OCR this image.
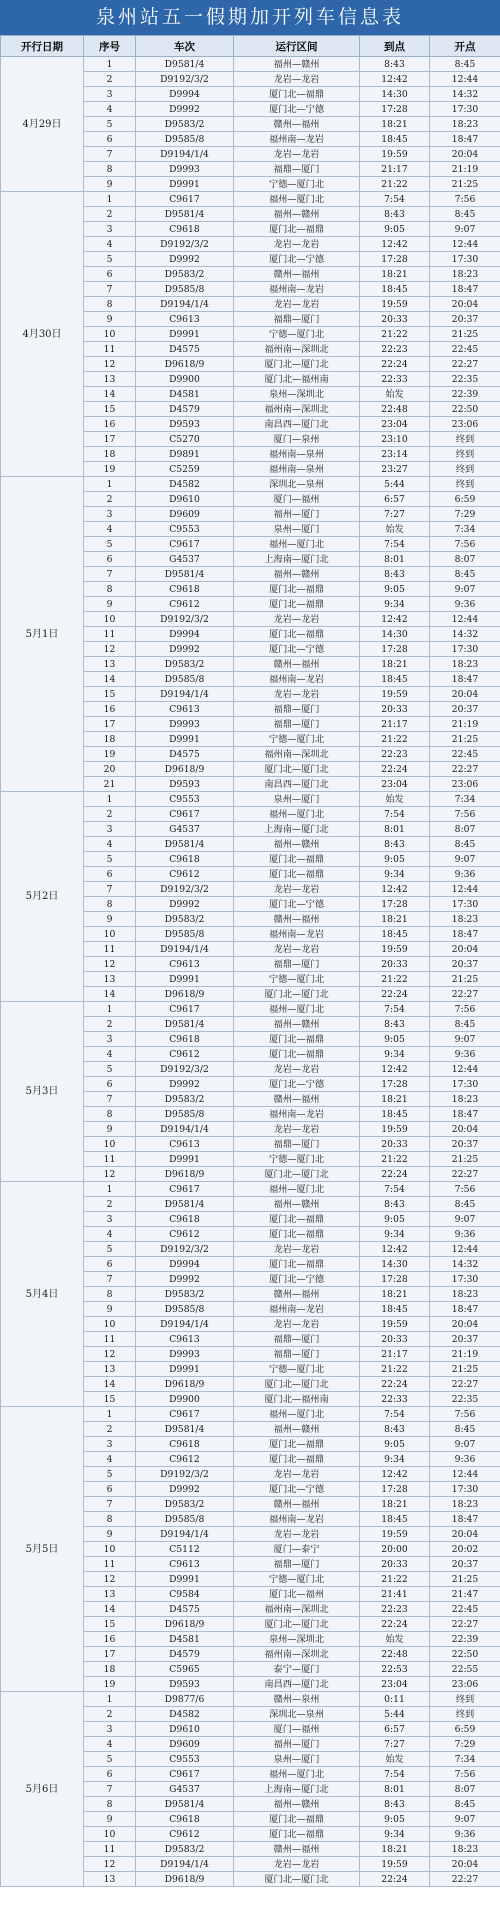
泉州站五一假期加开列车信息表
开行日期	序号	车次	运行区间	到点	开点
4月29日	1	D9581/4	福州—赣州	8:43	8:45
	2	D9192/3/2	龙岩—龙岩	12:42	12:44
	3	D9994	厦门北—福鼎	14:30	14:32
	4	D9992	厦门北—宁德	17:28	17:30
	5	D9583/2	赣州—福州	18:21	18:23
	6	D9585/8	福州南—龙岩	18:45	18:47
	7	D9194/1/4	龙岩—龙岩	19:59	20:04
	8	D9993	福鼎—厦门	21:17	21:19
	9	D9991	宁德—厦门北	21:22	21:25
4月30日	1	C9617	福州—厦门北	7:54	7:56
	2	D9581/4	福州—赣州	8:43	8:45
	3	C9618	厦门北—福鼎	9:05	9:07
	4	D9192/3/2	龙岩—龙岩	12:42	12:44
	5	D9992	厦门北—宁德	17:28	17:30
	6	D9583/2	赣州—福州	18:21	18:23
	7	D9585/8	福州南—龙岩	18:45	18:47
	8	D9194/1/4	龙岩—龙岩	19:59	20:04
	9	C9613	福鼎—厦门	20:33	20:37
	10	D9991	宁德—厦门北	21:22	21:25
	11	D4575	福州南—深圳北	22:23	22:45
	12	D9618/9	厦门北—厦门北	22:24	22:27
	13	D9900	厦门北—福州南	22:33	22:35
	14	D4581	泉州—深圳北	始发	22:39
	15	D4579	福州南—深圳北	22:48	22:50
	16	D9593	南昌西—厦门北	23:04	23:06
	17	C5270	厦门—泉州	23:10	终到
	18	D9891	福州南—泉州	23:14	终到
	19	C5259	福州南—泉州	23:27	终到
5月1日	1	D4582	深圳北—泉州	5:44	终到
	2	D9610	厦门—福州	6:57	6:59
	3	D9609	福州—厦门	7:27	7:29
	4	C9553	泉州—厦门	始发	7:34
	5	C9617	福州—厦门北	7:54	7:56
	6	G4537	上海南—厦门北	8:01	8:07
	7	D9581/4	福州—赣州	8:43	8:45
	8	C9618	厦门北—福鼎	9:05	9:07
	9	C9612	厦门北—福鼎	9:34	9:36
	10	D9192/3/2	龙岩—龙岩	12:42	12:44
	11	D9994	厦门北—福鼎	14:30	14:32
	12	D9992	厦门北—宁德	17:28	17:30
	13	D9583/2	赣州—福州	18:21	18:23
	14	D9585/8	福州南—龙岩	18:45	18:47
	15	D9194/1/4	龙岩—龙岩	19:59	20:04
	16	C9613	福鼎—厦门	20:33	20:37
	17	D9993	福鼎—厦门	21:17	21:19
	18	D9991	宁德—厦门北	21:22	21:25
	19	D4575	福州南—深圳北	22:23	22:45
	20	D9618/9	厦门北—厦门北	22:24	22:27
	21	D9593	南昌西—厦门北	23:04	23:06
5月2日	1	C9553	泉州—厦门	始发	7:34
	2	C9617	福州—厦门北	7:54	7:56
	3	G4537	上海南—厦门北	8:01	8:07
	4	D9581/4	福州—赣州	8:43	8:45
	5	C9618	厦门北—福鼎	9:05	9:07
	6	C9612	厦门北—福鼎	9:34	9:36
	7	D9192/3/2	龙岩—龙岩	12:42	12:44
	8	D9992	厦门北—宁德	17:28	17:30
	9	D9583/2	赣州—福州	18:21	18:23
	10	D9585/8	福州南—龙岩	18:45	18:47
	11	D9194/1/4	龙岩—龙岩	19:59	20:04
	12	C9613	福鼎—厦门	20:33	20:37
	13	D9991	宁德—厦门北	21:22	21:25
	14	D9618/9	厦门北—厦门北	22:24	22:27
5月3日	1	C9617	福州—厦门北	7:54	7:56
	2	D9581/4	福州—赣州	8:43	8:45
	3	C9618	厦门北—福鼎	9:05	9:07
	4	C9612	厦门北—福鼎	9:34	9:36
	5	D9192/3/2	龙岩—龙岩	12:42	12:44
	6	D9992	厦门北—宁德	17:28	17:30
	7	D9583/2	赣州—福州	18:21	18:23
	8	D9585/8	福州南—龙岩	18:45	18:47
	9	D9194/1/4	龙岩—龙岩	19:59	20:04
	10	C9613	福鼎—厦门	20:33	20:37
	11	D9991	宁德—厦门北	21:22	21:25
	12	D9618/9	厦门北—厦门北	22:24	22:27
5月4日	1	C9617	福州—厦门北	7:54	7:56
	2	D9581/4	福州—赣州	8:43	8:45
	3	C9618	厦门北—福鼎	9:05	9:07
	4	C9612	厦门北—福鼎	9:34	9:36
	5	D9192/3/2	龙岩—龙岩	12:42	12:44
	6	D9994	厦门北—福鼎	14:30	14:32
	7	D9992	厦门北—宁德	17:28	17:30
	8	D9583/2	赣州—福州	18:21	18:23
	9	D9585/8	福州南—龙岩	18:45	18:47
	10	D9194/1/4	龙岩—龙岩	19:59	20:04
	11	C9613	福鼎—厦门	20:33	20:37
	12	D9993	福鼎—厦门	21:17	21:19
	13	D9991	宁德—厦门北	21:22	21:25
	14	D9618/9	厦门北—厦门北	22:24	22:27
	15	D9900	厦门北—福州南	22:33	22:35
5月5日	1	C9617	福州—厦门北	7:54	7:56
	2	D9581/4	福州—赣州	8:43	8:45
	3	C9618	厦门北—福鼎	9:05	9:07
	4	C9612	厦门北—福鼎	9:34	9:36
	5	D9192/3/2	龙岩—龙岩	12:42	12:44
	6	D9992	厦门北—宁德	17:28	17:30
	7	D9583/2	赣州—福州	18:21	18:23
	8	D9585/8	福州南—龙岩	18:45	18:47
	9	D9194/1/4	龙岩—龙岩	19:59	20:04
	10	C5112	厦门—泰宁	20:00	20:02
	11	C9613	福鼎—厦门	20:33	20:37
	12	D9991	宁德—厦门北	21:22	21:25
	13	C9584	厦门北—福州	21:41	21:47
	14	D4575	福州南—深圳北	22:23	22:45
	15	D9618/9	厦门北—厦门北	22:24	22:27
	16	D4581	泉州—深圳北	始发	22:39
	17	D4579	福州南—深圳北	22:48	22:50
	18	C5965	泰宁—厦门	22:53	22:55
	19	D9593	南昌西—厦门北	23:04	23:06
5月6日	1	D9877/6	赣州—泉州	0:11	终到
	2	D4582	深圳北—泉州	5:44	终到
	3	D9610	厦门—福州	6:57	6:59
	4	D9609	福州—厦门	7:27	7:29
	5	C9553	泉州—厦门	始发	7:34
	6	C9617	福州—厦门北	7:54	7:56
	7	G4537	上海南—厦门北	8:01	8:07
	8	D9581/4	福州—赣州	8:43	8:45
	9	C9618	厦门北—福鼎	9:05	9:07
	10	C9612	厦门北—福鼎	9:34	9:36
	11	D9583/2	赣州—福州	18:21	18:23
	12	D9194/1/4	龙岩—龙岩	19:59	20:04
	13	D9618/9	厦门北—厦门北	22:24	22:27
